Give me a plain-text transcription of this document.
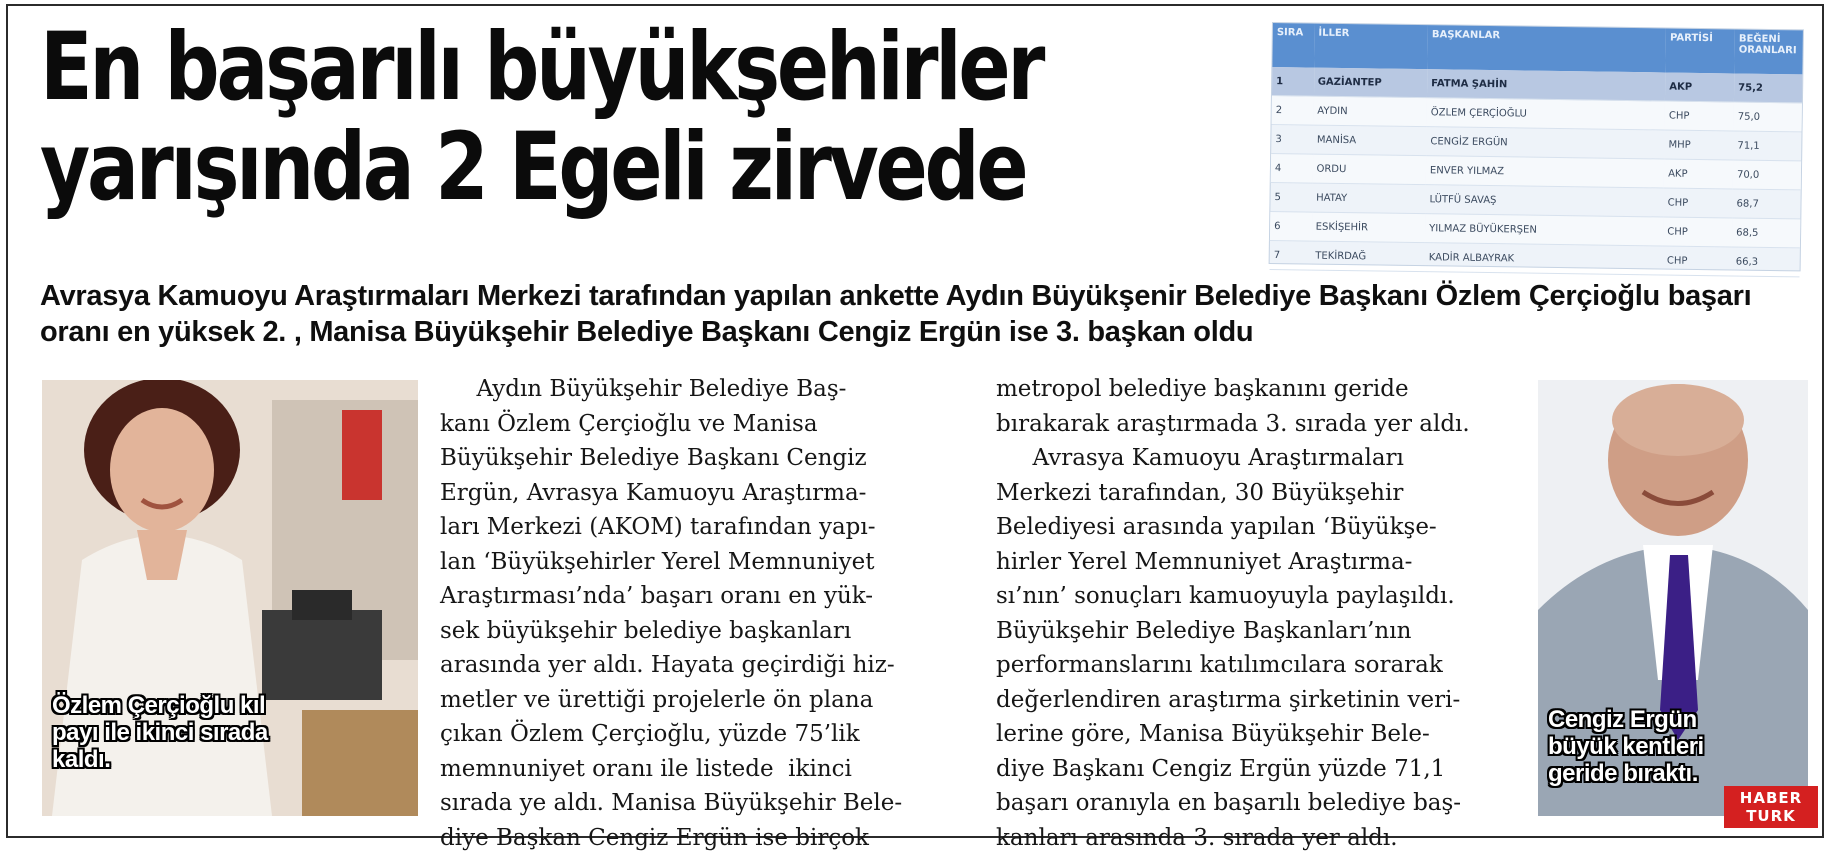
En başarılı büyükşehirler
yarışında 2 Egeli zirvede
SIRA	İLLER	BAŞKANLAR	PARTİSİ	BEĞENİ ORANLARI
1	GAZİANTEP	FATMA ŞAHİN	AKP	75,2
2	AYDIN	ÖZLEM ÇERÇİOĞLU	CHP	75,0
3	MANİSA	CENGİZ ERGÜN	MHP	71,1
4	ORDU	ENVER YILMAZ	AKP	70,0
5	HATAY	LÜTFÜ SAVAŞ	CHP	68,7
6	ESKİŞEHİR	YILMAZ BÜYÜKERŞEN	CHP	68,5
7	TEKİRDAĞ	KADİR ALBAYRAK	CHP	66,3
Avrasya Kamuoyu Araştırmaları Merkezi tarafından yapılan ankette Aydın Büyükşenir Belediye Başkanı Özlem Çerçioğlu başarı oranı en yüksek 2. , Manisa Büyükşehir Belediye Başkanı Cengiz Ergün ise 3. başkan oldu
Özlem Çerçioğlu kıl payı ile ikinci sırada kaldı.
Aydın Büyükşehir Belediye Baş-
kanı Özlem Çerçioğlu ve Manisa
Büyükşehir Belediye Başkanı Cengiz
Ergün, Avrasya Kamuoyu Araştırma-
ları Merkezi (AKOM) tarafından yapı-
lan ‘Büyükşehirler Yerel Memnuniyet
Araştırması’nda’ başarı oranı en yük-
sek büyükşehir belediye başkanları
arasında yer aldı. Hayata geçirdiği hiz-
metler ve ürettiği projelerle ön plana
çıkan Özlem Çerçioğlu, yüzde 75’lik
memnuniyet oranı ile listede  ikinci
sırada ye aldı. Manisa Büyükşehir Bele-
diye Başkan Cengiz Ergün ise birçok
metropol belediye başkanını geride
bırakarak araştırmada 3. sırada yer aldı.
Avrasya Kamuoyu Araştırmaları
Merkezi tarafından, 30 Büyükşehir
Belediyesi arasında yapılan ‘Büyükşe-
hirler Yerel Memnuniyet Araştırma-
sı’nın’ sonuçları kamuoyuyla paylaşıldı.
Büyükşehir Belediye Başkanları’nın
performanslarını katılımcılara sorarak
değerlendiren araştırma şirketinin veri-
lerine göre, Manisa Büyükşehir Bele-
diye Başkanı Cengiz Ergün yüzde 71,1
başarı oranıyla en başarılı belediye baş-
kanları arasında 3. sırada yer aldı.
Cengiz Ergün büyük kentleri geride bıraktı.
HABER
TURK
